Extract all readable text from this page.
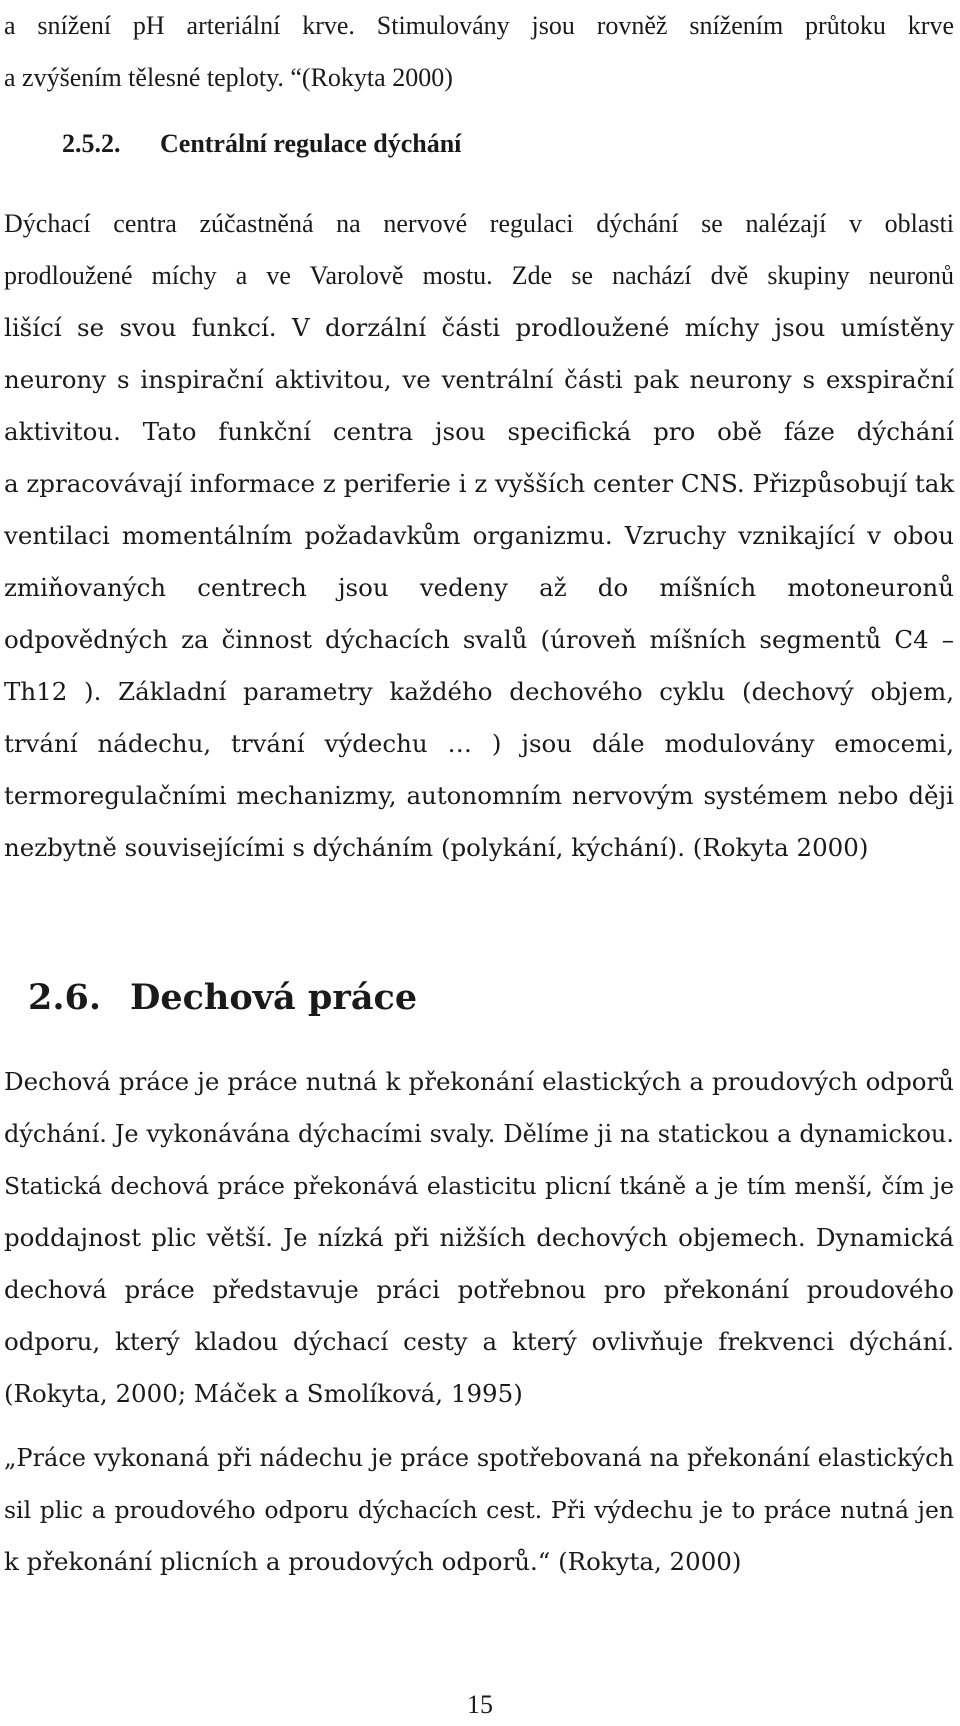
a snížení pH arteriální krve. Stimulovány jsou rovněž snížením průtoku krve
a zvýšením tělesné teploty. “(Rokyta 2000)
2.5.2. Centrální regulace dýchání
Dýchací centra zúčastněná na nervové regulaci dýchání se nalézají v oblasti
prodloužené míchy a ve Varolově mostu. Zde se nachází dvě skupiny neuronů
lišící se svou funkcí. V dorzální části prodloužené míchy jsou umístěny
neurony s inspirační aktivitou, ve ventrální části pak neurony s exspirační
aktivitou. Tato funkční centra jsou specifická pro obě fáze dýchání
a zpracovávají informace z periferie i z vyšších center CNS. Přizpůsobují tak
ventilaci momentálním požadavkům organizmu. Vzruchy vznikající v obou
zmiňovaných centrech jsou vedeny až do míšních motoneuronů
odpovědných za činnost dýchacích svalů (úroveň míšních segmentů C4 –
Th12 ). Základní parametry každého dechového cyklu (dechový objem,
trvání nádechu, trvání výdechu … ) jsou dále modulovány emocemi,
termoregulačními mechanizmy, autonomním nervovým systémem nebo ději
nezbytně souvisejícími s dýcháním (polykání, kýchání). (Rokyta 2000)
2.6. Dechová práce
Dechová práce je práce nutná k překonání elastických a proudových odporů
dýchání. Je vykonávána dýchacími svaly. Dělíme ji na statickou a dynamickou.
Statická dechová práce překonává elasticitu plicní tkáně a je tím menší, čím je
poddajnost plic větší. Je nízká při nižších dechových objemech. Dynamická
dechová práce představuje práci potřebnou pro překonání proudového
odporu, který kladou dýchací cesty a který ovlivňuje frekvenci dýchání.
(Rokyta, 2000; Máček a Smolíková, 1995)
„Práce vykonaná při nádechu je práce spotřebovaná na překonání elastických
sil plic a proudového odporu dýchacích cest. Při výdechu je to práce nutná jen
k překonání plicních a proudových odporů.“ (Rokyta, 2000)
15
